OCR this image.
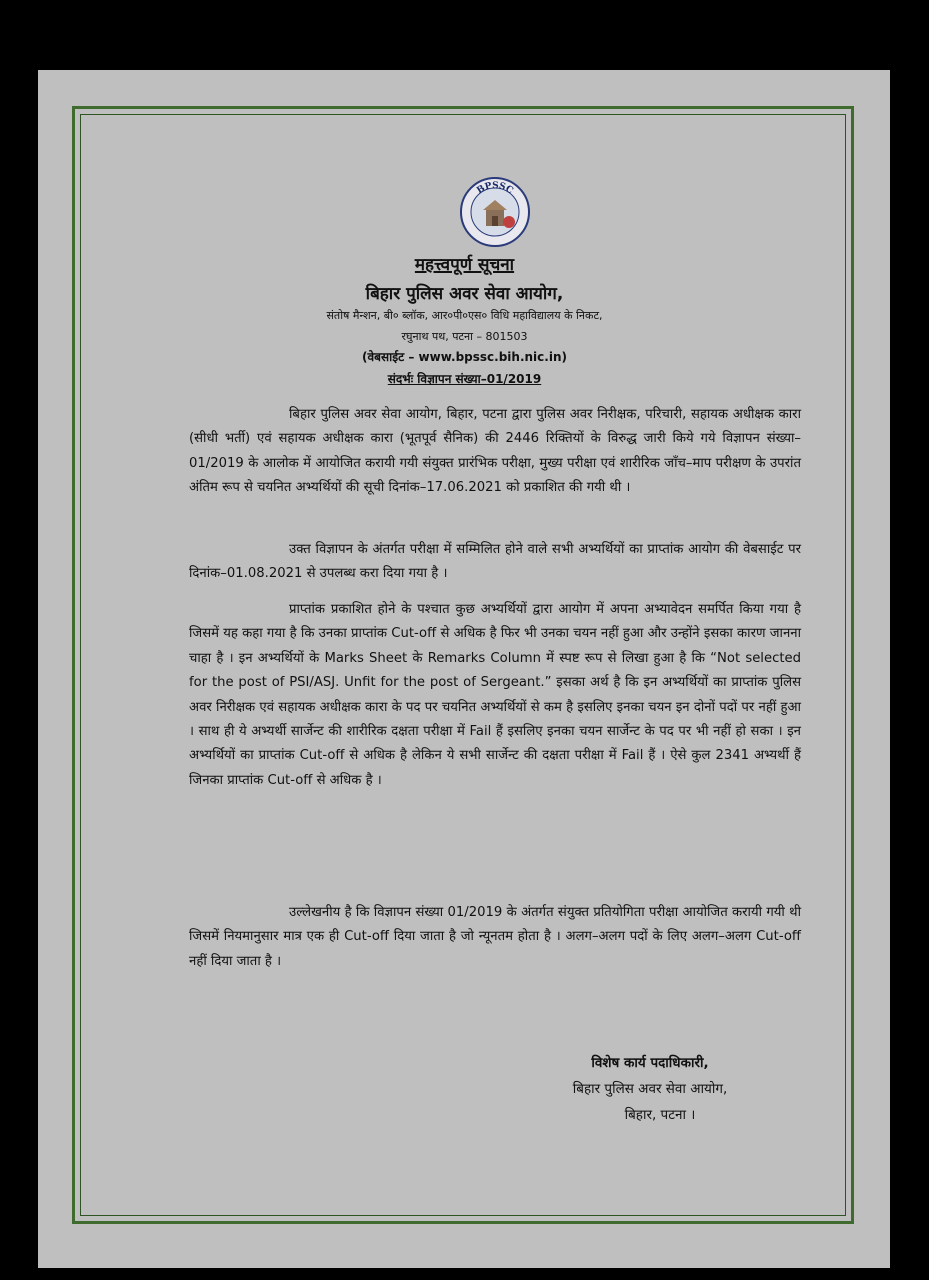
BPSSC
महत्त्वपूर्ण सूचना
बिहार पुलिस अवर सेवा आयोग,
संतोष मैन्शन, बी० ब्लॉक, आर०पी०एस० विधि महाविद्यालय के निकट,
रघुनाथ पथ, पटना – 801503
(वेबसाईट – www.bpssc.bih.nic.in)
संदर्भः विज्ञापन संख्या–01/2019
बिहार पुलिस अवर सेवा आयोग, बिहार, पटना द्वारा पुलिस अवर निरीक्षक, परिचारी, सहायक अधीक्षक कारा (सीधी भर्ती) एवं सहायक अधीक्षक कारा (भूतपूर्व सैनिक) की 2446 रिक्तियों के विरुद्ध जारी किये गये विज्ञापन संख्या–01/2019 के आलोक में आयोजित करायी गयी संयुक्त प्रारंभिक परीक्षा, मुख्य परीक्षा एवं शारीरिक जाँच–माप परीक्षण के उपरांत अंतिम रूप से चयनित अभ्यर्थियों की सूची दिनांक–17.06.2021 को प्रकाशित की गयी थी ।
उक्त विज्ञापन के अंतर्गत परीक्षा में सम्मिलित होने वाले सभी अभ्यर्थियों का प्राप्तांक आयोग की वेबसाईट पर दिनांक–01.08.2021 से उपलब्ध करा दिया गया है ।
प्राप्तांक प्रकाशित होने के पश्चात कुछ अभ्यर्थियों द्वारा आयोग में अपना अभ्यावेदन समर्पित किया गया है जिसमें यह कहा गया है कि उनका प्राप्तांक Cut-off से अधिक है फिर भी उनका चयन नहीं हुआ और उन्होंने इसका कारण जानना चाहा है । इन अभ्यर्थियों के Marks Sheet के Remarks Column में स्पष्ट रूप से लिखा हुआ है कि “Not selected for the post of PSI/ASJ. Unfit for the post of Sergeant.” इसका अर्थ है कि इन अभ्यर्थियों का प्राप्तांक पुलिस अवर निरीक्षक एवं सहायक अधीक्षक कारा के पद पर चयनित अभ्यर्थियों से कम है इसलिए इनका चयन इन दोनों पदों पर नहीं हुआ । साथ ही ये अभ्यर्थी सार्जेन्ट की शारीरिक दक्षता परीक्षा में Fail हैं इसलिए इनका चयन सार्जेन्ट के पद पर भी नहीं हो सका । इन अभ्यर्थियों का प्राप्तांक Cut-off से अधिक है लेकिन ये सभी सार्जेन्ट की दक्षता परीक्षा में Fail हैं । ऐसे कुल 2341 अभ्यर्थी हैं जिनका प्राप्तांक Cut-off से अधिक है ।
उल्लेखनीय है कि विज्ञापन संख्या 01/2019 के अंतर्गत संयुक्त प्रतियोगिता परीक्षा आयोजित करायी गयी थी जिसमें नियमानुसार मात्र एक ही Cut-off दिया जाता है जो न्यूनतम होता है । अलग–अलग पदों के लिए अलग–अलग Cut-off नहीं दिया जाता है ।
विशेष कार्य पदाधिकारी,
बिहार पुलिस अवर सेवा आयोग,
बिहार, पटना ।
